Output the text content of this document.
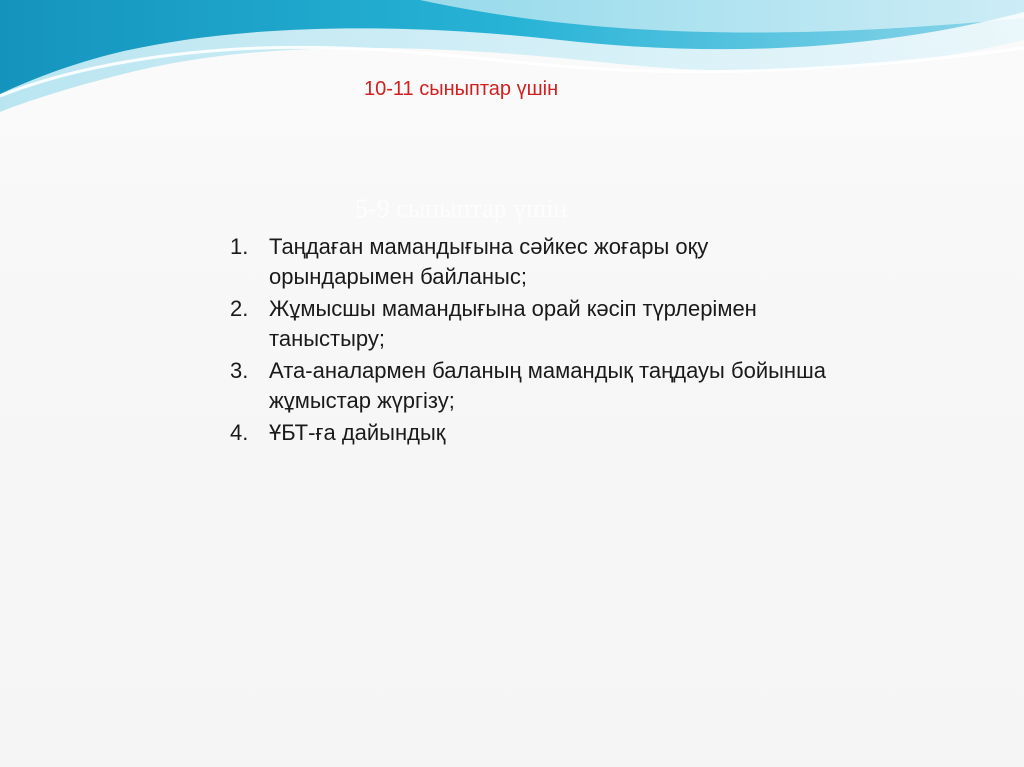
10-11 сыныптар үшін
5-9 сыныптар үшін
1. Таңдаған мамандығына сәйкес жоғары оқу орындарымен байланыс;
2. Жұмысшы мамандығына орай кәсіп түрлерімен таныстыру;
3. Ата-аналармен баланың мамандық таңдауы бойынша жұмыстар жүргізу;
4. ҰБТ-ға дайындық
